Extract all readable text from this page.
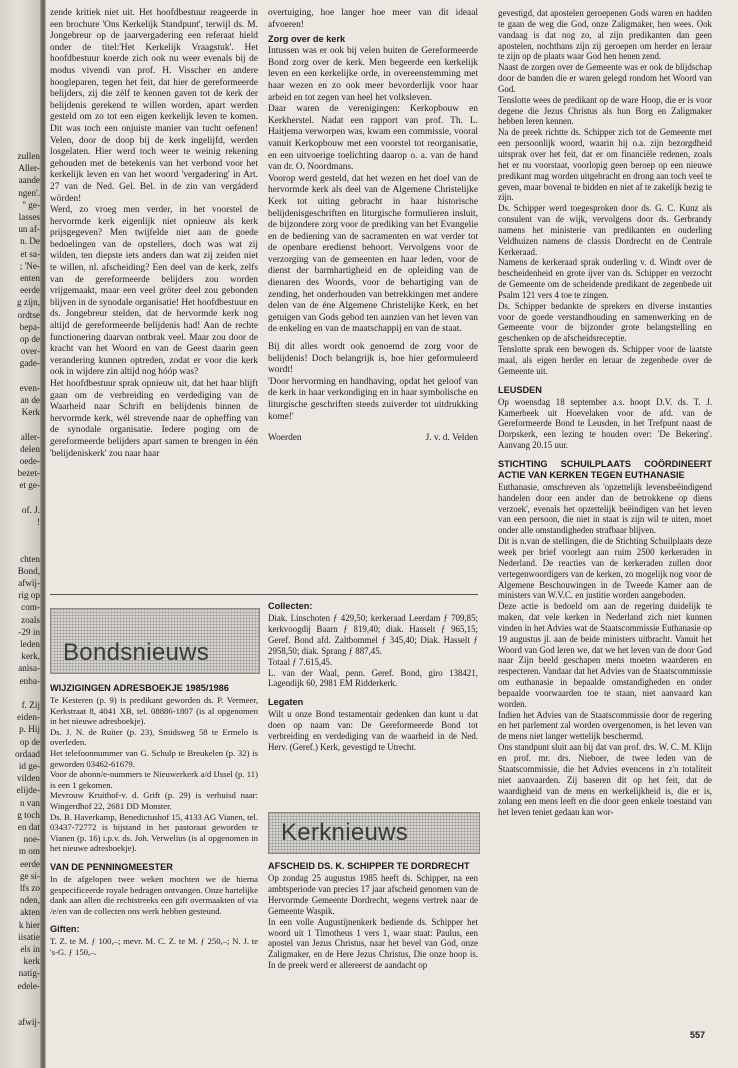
zullen
Aller-
aande
ngen'.
" ge-
lasses
un af-
n. De
et sa-
; 'Ne-
enten
eerde
g zijn,
ordtse
bepa-
op de
over-
gade-
even-
an de
Kerk
aller-
delen
oede-
bezet-
et ge-
of. J.
!
chten
Bond,
afwij-
rig op
com-
zoals
-29 in
leden
kerk,
anisa-
enba-
f. Zij
eiden-
p. Hij
op de
ordaad
id ge-
vilden
elijde-
n van
g toch
en dat
noe-
m om
eerde
ge si-
lfs zo
nden,
akten
k hier
iisatie
els in
kerk
natig-
edele-
afwij-

zende kritiek niet uit. Het hoofdbestuur reageerde in een brochure 'Ons Kerkelijk Standpunt', terwijl ds. M. Jongebreur op de jaarvergadering een referaat hield onder de titel:'Het Kerkelijk Vraagstuk'. Het hoofdbestuur koerde zich ook nu weer evenals bij de modus vivendi van prof. H. Visscher en andere hooglераren, tegen het feit, dat hier de gereformeerde belijders, zij die zèlf te kennen gaven tot de kerk der belijdenis gerekend te willen worden, apart werden gesteld om zo tot een eigen kerkelijk leven te komen. Dit was toch een onjuiste manier van tucht oefenen! Velen, door de doop bij de kerk ingelijfd, werden losgelaten. Hier werd toch weer te weinig rekening gehouden met de betekenis van het verbond voor het kerkelijk leven en van het woord 'vergadering' in Art. 27 van de Ned. Gel. Bel. in de zin van vergáderd wörden!

Werd, zo vroeg men verder, in het voorstel de hervormde kerk eigenlijk niet opnieuw als kerk prijsgegeven? Men twijfelde niet aan de goede bedoelingen van de opstellers, doch was wat zij wilden, ten diepste iets anders dan wat zij zeiden niet te willen, nl. afscheiding? Een deel van de kerk, zelfs van de gereformeerde belijders zou worden vrijgemaakt, maar een veel gröter deel zou gebonden blijven in de synodale organisatie! Het hoofdbestuur en ds. Jongebreur stelden, dat de hervormde kerk nog altijd de gereformeerde belijdenis had! Aan de rechte functionering daarvan ontbrak veel. Maar zou door de kracht van het Woord en van de Geest daarin geen verandering kunnen optreden, zodat er voor die kerk ook in wijdere zin altijd nog hóóp was?

Het hoofdbestuur sprak opnieuw uit, dat het haar blijft gaan om de verbreiding en verdediging van de Waarheid naar Schrift en belijdenis binnen de hervormde kerk, wél strevende naar de opheffing van de synodale organisatie. Iedere poging om de gereformeerde belijders apart samen te brengen in één 'belijdeniskerk' zou naar haar

overtuiging, hoe langer hoe meer van dit ideaal afvoeren!

Zorg over de kerk

Intussen was er ook bij velen buiten de Gereformeerde Bond zorg over de kerk. Men begeerde een kerkelijk leven en een kerkelijke orde, in overeenstemming met haar wezen en zo ook meer bevorderlijk voor haar arbeid en tot zegen van heel het volksleven.

Daar waren de verenigingen: Kerkopbouw en Kerkherstel. Nadat een rapport van prof. Th. L. Haitjema verworpen was, kwam een commissie, vooral vanuit Kerkopbouw met een voorstel tot reorganisatie, en een uitvoerige toelichting daarop o. a. van de hand van dr. O. Noordmans.

Voorop werd gesteld, dat het wezen en het doel van de hervormde kerk als deel van de Algemene Christelijke Kerk tot uiting gebracht in haar historische belijdenisgeschriften en liturgische formulieren insluit, de bijzondere zorg voor de prediking van het Evangelie en de bediening van de sacramenten en wat verder tot de openbare eredienst behoort. Vervolgens voor de verzorging van de gemeenten en haar leden, voor de dienst der barmhartigheid en de opleiding van de dienaren des Woords, voor de behartiging van de zending, het onderhouden van betrekkingen met andere delen van de éne Algemene Christelijke Kerk, en het getuigen van Gods gebod ten aanzien van het leven van de enkeling en van de maatschappij en van de staat.

Bij dit alles wordt ook genoemd de zorg voor de belijdenis! Doch belangrijk is, hoe hier geformuleerd wordt!

'Door hervorming en handhaving, opdat het geloof van de kerk in haar verkondiging en in haar symbolische en liturgische geschriften steeds zuiverder tot uitdrukking kome!'

Woerden	J. v. d. Velden
Bondsnieuws
WIJZIGINGEN ADRESBOEKJE 1985/1986

Te Kesteren (p. 9) is predikant geworden ds. P. Vermeer, Kerkstraat 8, 4041 XB, tel. 08886-1807 (is al opgenomen in het nieuwe adresboekje).

Ds. J. N. de Ruiter (p. 23), Smidsweg 58 te Ermelo is overleden.

Het telefoonnummer van G. Schulp te Breukelen (p. 32) is geworden 03462-61679.

Voor de abonn/e-nummers te Nieuwerkerk a/d IJssel (p. 11) is een 1 gekomen.

Mevrouw Kruithof-v. d. Grift (p. 29) is verhuisd naar: Wingerdhof 22, 2681 DD Monster.

Ds. B. Haverkamp, Benedictushof 15, 4133 AG Vianen, tel. 03437-72772 is bijstand in het pastoraat geworden te Vianen (p. 16) i.p.v. ds. Joh. Verwelius (is al opgenomen in het nieuwe adresboekje).

VAN DE PENNINGMEESTER

In de afgelopen twee weken mochten we de hierna gespecificeerde royale bedragen ontvangen. Onze hartelijke dank aan allen die rechtstreeks een gift overmaakten of via /e/en van de collecten ons werk hebben gesteund.

Giften:

T. Z. te M. ƒ 100,–; mevr. M. C. Z. te M. ƒ 250,–; N. J. te 's-G. ƒ 150,–.

Collecten:

Diak. Linschoten ƒ 429,50; kerkeraad Leerdam ƒ 709,85; kerkvoogdij Baarn ƒ 819,40; diak. Hasselt ƒ 965,15; Geref. Bond afd. Zaltbommel ƒ 345,40; Diak. Hasselt ƒ 2958,50; diak. Sprang ƒ 887,45.

Totaal ƒ 7.615,45.

L. van der Waal, penn. Geref. Bond, giro 138421, Lagendijk 60, 2981 EM Ridderkerk.

Legaten

Wilt u onze Bond testamentair gedenken dan kunt u dat doen op naam van: De Gereformeerde Bond tot verbreiding en verdediging van de waarheid in de Ned. Herv. (Geref.) Kerk, gevestigd te Utrecht.

Kerknieuws
AFSCHEID DS. K. SCHIPPER TE DORDRECHT

Op zondag 25 augustus 1985 heeft ds. Schipper, na een ambtsperiode van precies 17 jaar afscheid genomen van de Hervormde Gemeente Dordrecht, wegens vertrek naar de Gemeente Waspik.

In een volle Augustijnenkerk bediende ds. Schipper het woord uit 1 Timotheus 1 vers 1, waar staat: Paulus, een apostel van Jezus Christus, naar het bevel van God, onze Zaligmaker, en de Here Jezus Christus, Die onze hoop is. In de preek werd er allereerst de aandacht op

gevestigd, dat apostelen geroepenen Gods waren en hadden te gaan de weg die God, onze Zaligmaker, hen wees. Ook vandaag is dat nog zo, al zijn predikanten dan geen apostelen, nochthans zijn zij geroepen om herder en leraar te zijn op de plaats waar God hen henen zend.

Naast de zorgen over de Gemeente was er ook de blijdschap door de banden die er waren gelegd rondom het Woord van God.

Tenslotte wees de predikant op de ware Hoop, die er is voor degene die Jezus Christus als hun Borg en Zaligmaker hebben leren kennen.

Na de preek richtte ds. Schipper zich tot de Gemeente met een persoonlijk woord, waarin hij o.a. zijn bezorgdheid uitsprak over het feit, dat er om financiële redenen, zoals het er nu voorstaat, voorlopig geen beroep op een nieuwe predikant mag worden uitgebracht en drong aan toch veel te geven, maar bovenal te bidden en niet af te zakelijk bezig te zijn.

Ds. Schipper werd toegesproken door ds. G. C. Kunz als consulent van de wijk, vervolgens door ds. Gerbrandy namens het ministerie van predikanten en ouderling Veldhuizen namens de classis Dordrecht en de Centrale Kerkeraad.

Namens de kerkeraad sprak ouderling v. d. Windt over de bescheidenheid en grote ijver van ds. Schipper en verzocht de Gemeente om de scheidende predikant de zegenbede uit Psalm 121 vers 4 toe te zingen.

Ds. Schipper bedankte de sprekers en diverse instanties voor de goede verstandhouding en samenwerking en de Gemeente voor de bijzonder grote belangstelling en geschenken op de afscheidsreceptie.

Tenslotte sprak een bewogen ds. Schipper voor de laatste maal, als eigen herder en leraar de zegenbede over de Gemeente uit.

LEUSDEN

Op woensdag 18 september a.s. hoopt D.V. ds. T. J. Kamerbeek uit Hoevelaken voor de afd. van de Gereformeerde Bond te Leusden, in het Trefpunt naast de Dorpskerk, een lezing te houden over: 'De Bekering'. Aanvang 20.15 uur.

STICHTING SCHUILPLAATS COÖRDINEERT ACTIE VAN KERKEN TEGEN EUTHANASIE

Euthanasie, omschreven als 'opzettelijk levensbeëindigend handelen door een ander dan de betrokkene op diens verzoek', evenals het opzettelijk beëindigen van het leven van een persoon, die niet in staat is zijn wil te uiten, moet onder alle omstandigheden strafbaar blijven.

Dit is n.van de stellingen, die de Stichting Schuilplaats deze week per brief voorlegt aan ruim 2500 kerkeraden in Nederland. De reacties van de kerkeraden zullen door vertegenwoordigers van de kerken, zo mogelijk nog voor de Algemene Beschouwingen in de Tweede Kamer aan de ministers van W.V.C. en justitie worden aangeboden.

Deze actie is bedoeld om aan de regering duidelijk te maken, dat vele kerken in Nederland zich niet kunnen vinden in het Advies wat de Staatscommissie Euthanasie op 19 augustus jl. aan de beide ministers uitbracht. Vanuit het Woord van God leren we, dat we het leven van de door God naar Zijn beeld geschapen mens moeten waarderen en respecteren. Vandaar dat het Advies van de Staatscommissie om euthanasie in bepaalde omstandigheden en onder bepaalde voorwaarden toe te staan, niet aanvaard kan worden.

Indien het Advies van de Staatscommissie door de regering en het parlement zal worden overgenomen, is het leven van de mens niet langer wettelijk beschermd.

Ons standpunt sluit aan bij dat van prof. drs. W. C. M. Klijn en prof. mr. drs. Nieboer, de twee leden van de Staatscommissie, die het Advies evencens in z'n totaliteit niet aanvaarden. Zij baseren dit op het feit, dat de waardigheid van de mens en werkelijkheid is, die er is, zolang een mens leeft en die door geen enkele toestand van het leven teniet gedaan kan wor-

557
